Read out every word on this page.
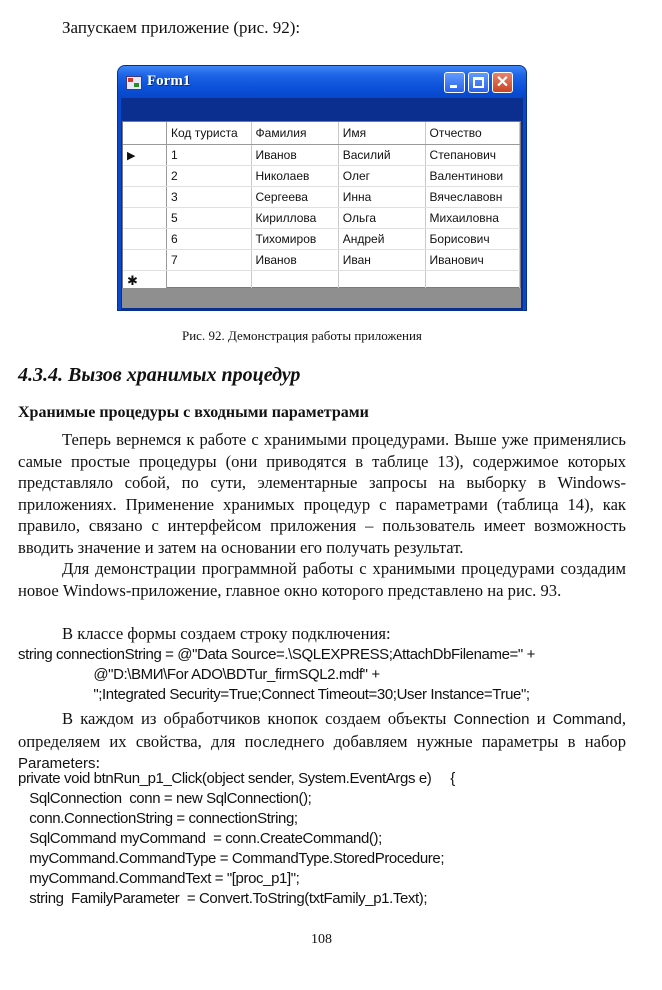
Запускаем приложение (рис. 92):
Form1	✕
	Код туриста	Фамилия	Имя	Отчество
▶	1	Иванов	Василий	Степанович
	2	Николаев	Олег	Валентинови
	3	Сергеева	Инна	Вячеславовн
	5	Кириллова	Ольга	Михаиловна
	6	Тихомиров	Андрей	Борисович
	7	Иванов	Иван	Иванович
✱				
Рис. 92. Демонстрация работы приложения
4.3.4. Вызов хранимых процедур
Хранимые процедуры с входными параметрами
Теперь вернемся к работе с хранимыми процедурами. Выше уже применялись самые простые процедуры (они приводятся в таблице 13), содержимое которых представляло собой, по сути, элементарные запросы на выборку в Windows-приложениях. Применение хранимых процедур с параметрами (таблица 14), как правило, связано с интерфейсом приложения – пользователь имеет возможность вводить значение и затем на основании его получать результат.
Для демонстрации программной работы с хранимыми процедурами создадим новое Windows-приложение, главное окно которого представлено на рис. 93.
В классе формы создаем строку подключения:
string connectionString = @"Data Source=.\SQLEXPRESS;AttachDbFilename=" +
@"D:\ВМИ\For ADO\BDTur_firmSQL2.mdf" +
";Integrated Security=True;Connect Timeout=30;User Instance=True";
В каждом из обработчиков кнопок создаем объекты Connection и Command, определяем их свойства, для последнего добавляем нужные параметры в набор Parameters:
private void btnRun_p1_Click(object sender, System.EventArgs e)     {
SqlConnection  conn = new SqlConnection();
conn.ConnectionString = connectionString;
SqlCommand myCommand  = conn.CreateCommand();
myCommand.CommandType = CommandType.StoredProcedure;
myCommand.CommandText = "[proc_p1]";
string  FamilyParameter  = Convert.ToString(txtFamily_p1.Text);
108
